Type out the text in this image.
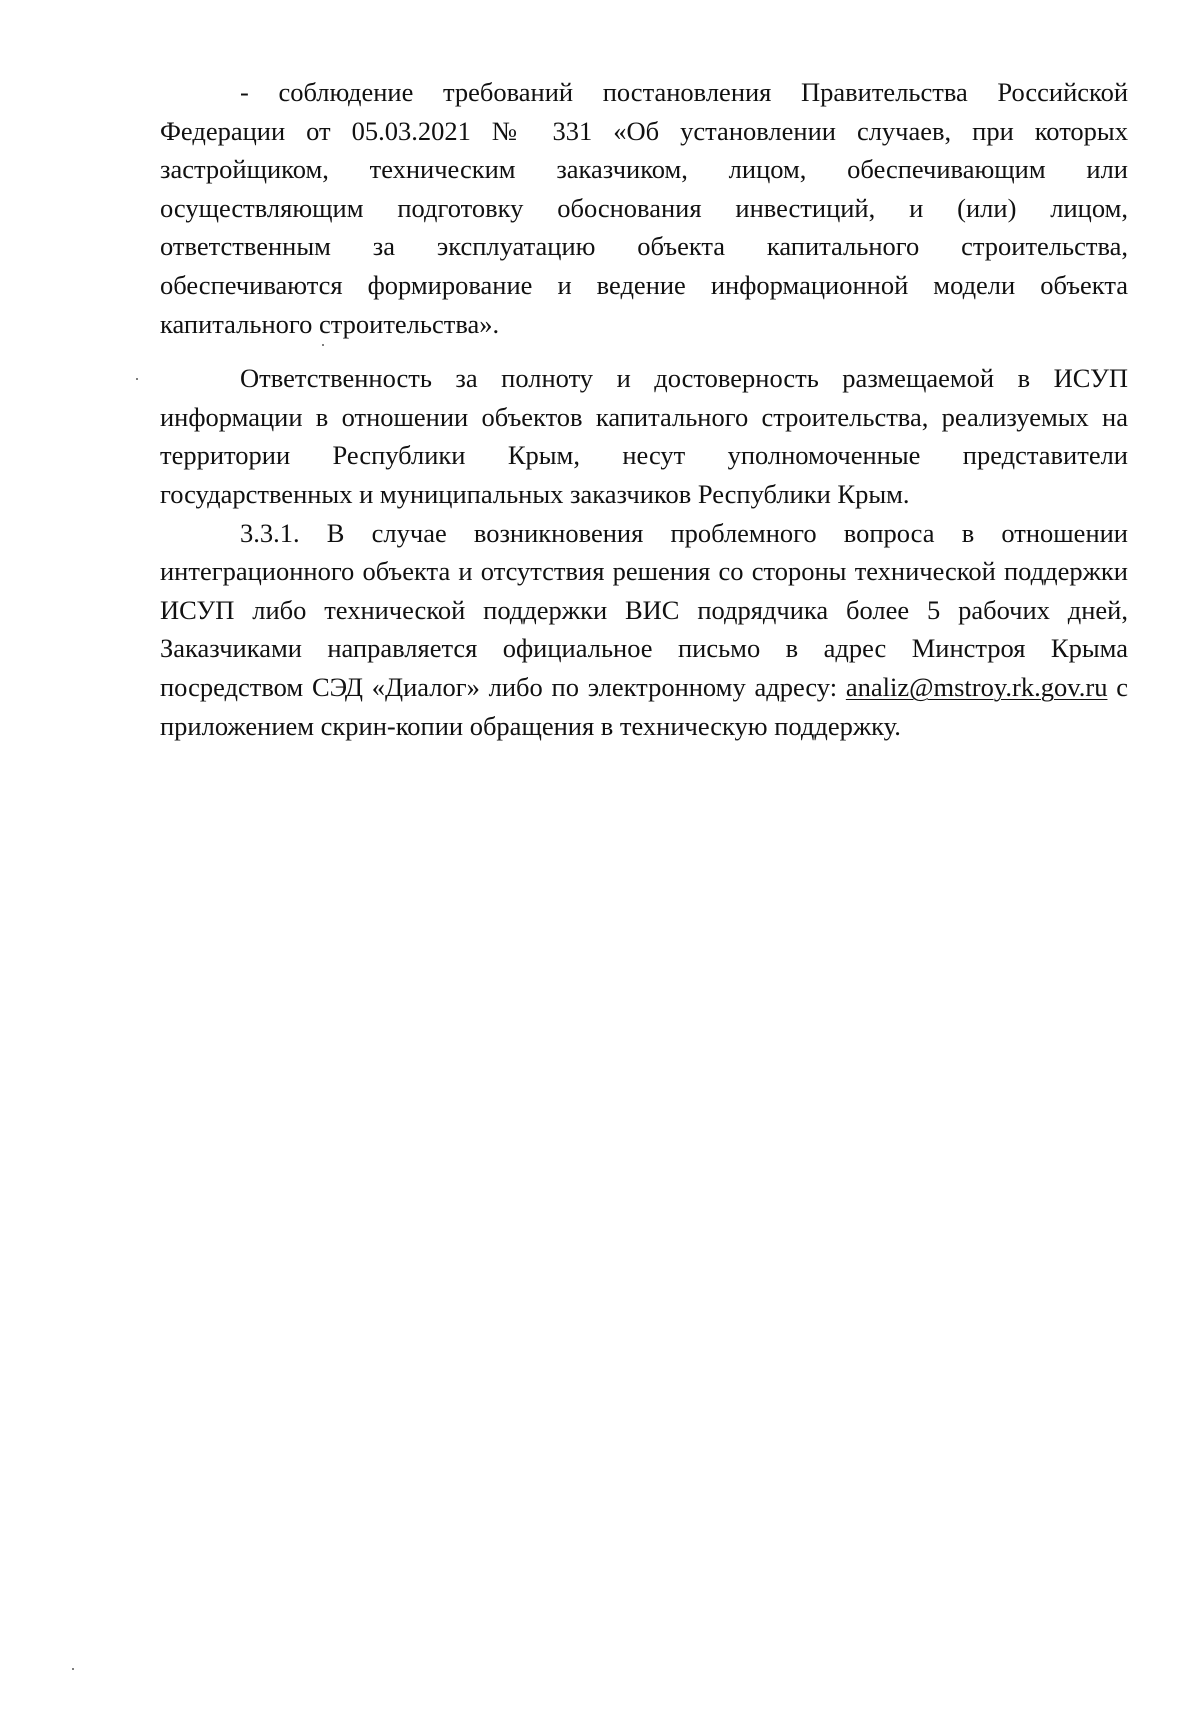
- соблюдение требований постановления Правительства Российской Федерации от 05.03.2021 № 331 «Об установлении случаев, при которых застройщиком, техническим заказчиком, лицом, обеспечивающим или осуществляющим подготовку обоснования инвестиций, и (или) лицом, ответственным за эксплуатацию объекта капитального строительства, обеспечиваются формирование и ведение информационной модели объекта капитального строительства».

Ответственность за полноту и достоверность размещаемой в ИСУП информации в отношении объектов капитального строительства, реализуемых на территории Республики Крым, несут уполномоченные представители государственных и муниципальных заказчиков Республики Крым.

3.3.1. В случае возникновения проблемного вопроса в отношении интеграционного объекта и отсутствия решения со стороны технической поддержки ИСУП либо технической поддержки ВИС подрядчика более 5 рабочих дней, Заказчиками направляется официальное письмо в адрес Минстроя Крыма посредством СЭД «Диалог» либо по электронному адресу: analiz@mstroy.rk.gov.ru с приложением скрин-копии обращения в техническую поддержку.
